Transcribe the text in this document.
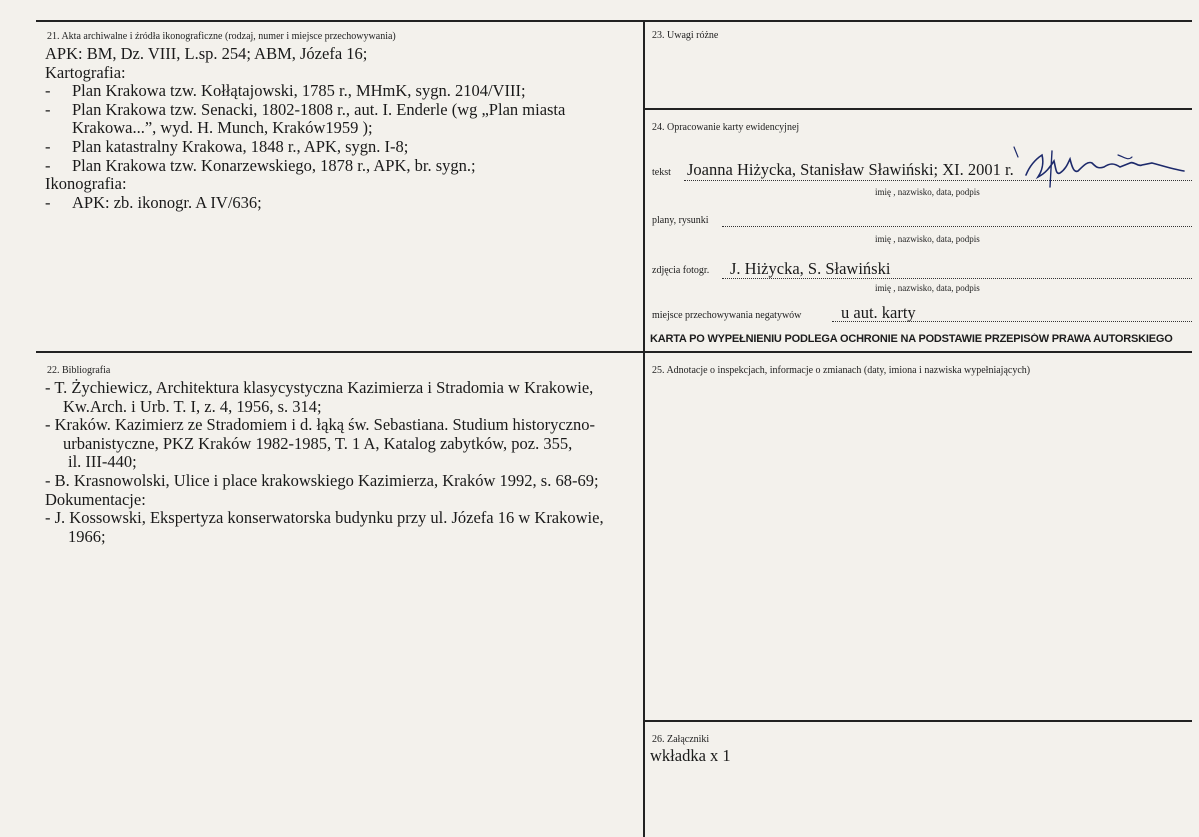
21. Akta archiwalne i źródła ikonograficzne (rodzaj, numer i miejsce przechowywania)
APK: BM, Dz. VIII, L.sp. 254; ABM, Józefa 16;
Kartografia:
- Plan Krakowa tzw. Kołłątajowski, 1785 r., MHmK, sygn. 2104/VIII;
- Plan Krakowa tzw. Senacki, 1802-1808 r., aut. I. Enderle (wg „Plan miasta
Krakowa...”, wyd. H. Munch, Kraków1959 );
- Plan katastralny Krakowa, 1848 r., APK, sygn. I-8;
- Plan Krakowa tzw. Konarzewskiego, 1878 r., APK, br. sygn.;
Ikonografia:
- APK: zb. ikonogr. A IV/636;
22. Bibliografia
- T. Żychiewicz, Architektura klasycystyczna Kazimierza i Stradomia w Krakowie,
Kw.Arch. i Urb. T. I, z. 4, 1956, s. 314;
- Kraków. Kazimierz ze Stradomiem i d. łąką św. Sebastiana. Studium historyczno-
urbanistyczne, PKZ Kraków 1982-1985, T. 1 A, Katalog zabytków, poz. 355,
il. III-440;
- B. Krasnowolski, Ulice i place krakowskiego Kazimierza, Kraków 1992, s. 68-69;
Dokumentacje:
- J. Kossowski, Ekspertyza konserwatorska budynku przy ul. Józefa 16 w Krakowie,
1966;
23. Uwagi różne
24. Opracowanie karty ewidencyjnej
tekst Joanna Hiżycka, Stanisław Sławiński; XI. 2001 r.
imię , nazwisko, data, podpis
plany, rysunki
imię , nazwisko, data, podpis
zdjęcia fotogr. J. Hiżycka, S. Sławiński
imię , nazwisko, data, podpis
miejsce przechowywania negatywów u aut. karty
KARTA PO WYPEŁNIENIU PODLEGA OCHRONIE NA PODSTAWIE PRZEPISÓW PRAWA AUTORSKIEGO
25. Adnotacje o inspekcjach, informacje o zmianach (daty, imiona i nazwiska wypełniających)
26. Załączniki
wkładka x 1
